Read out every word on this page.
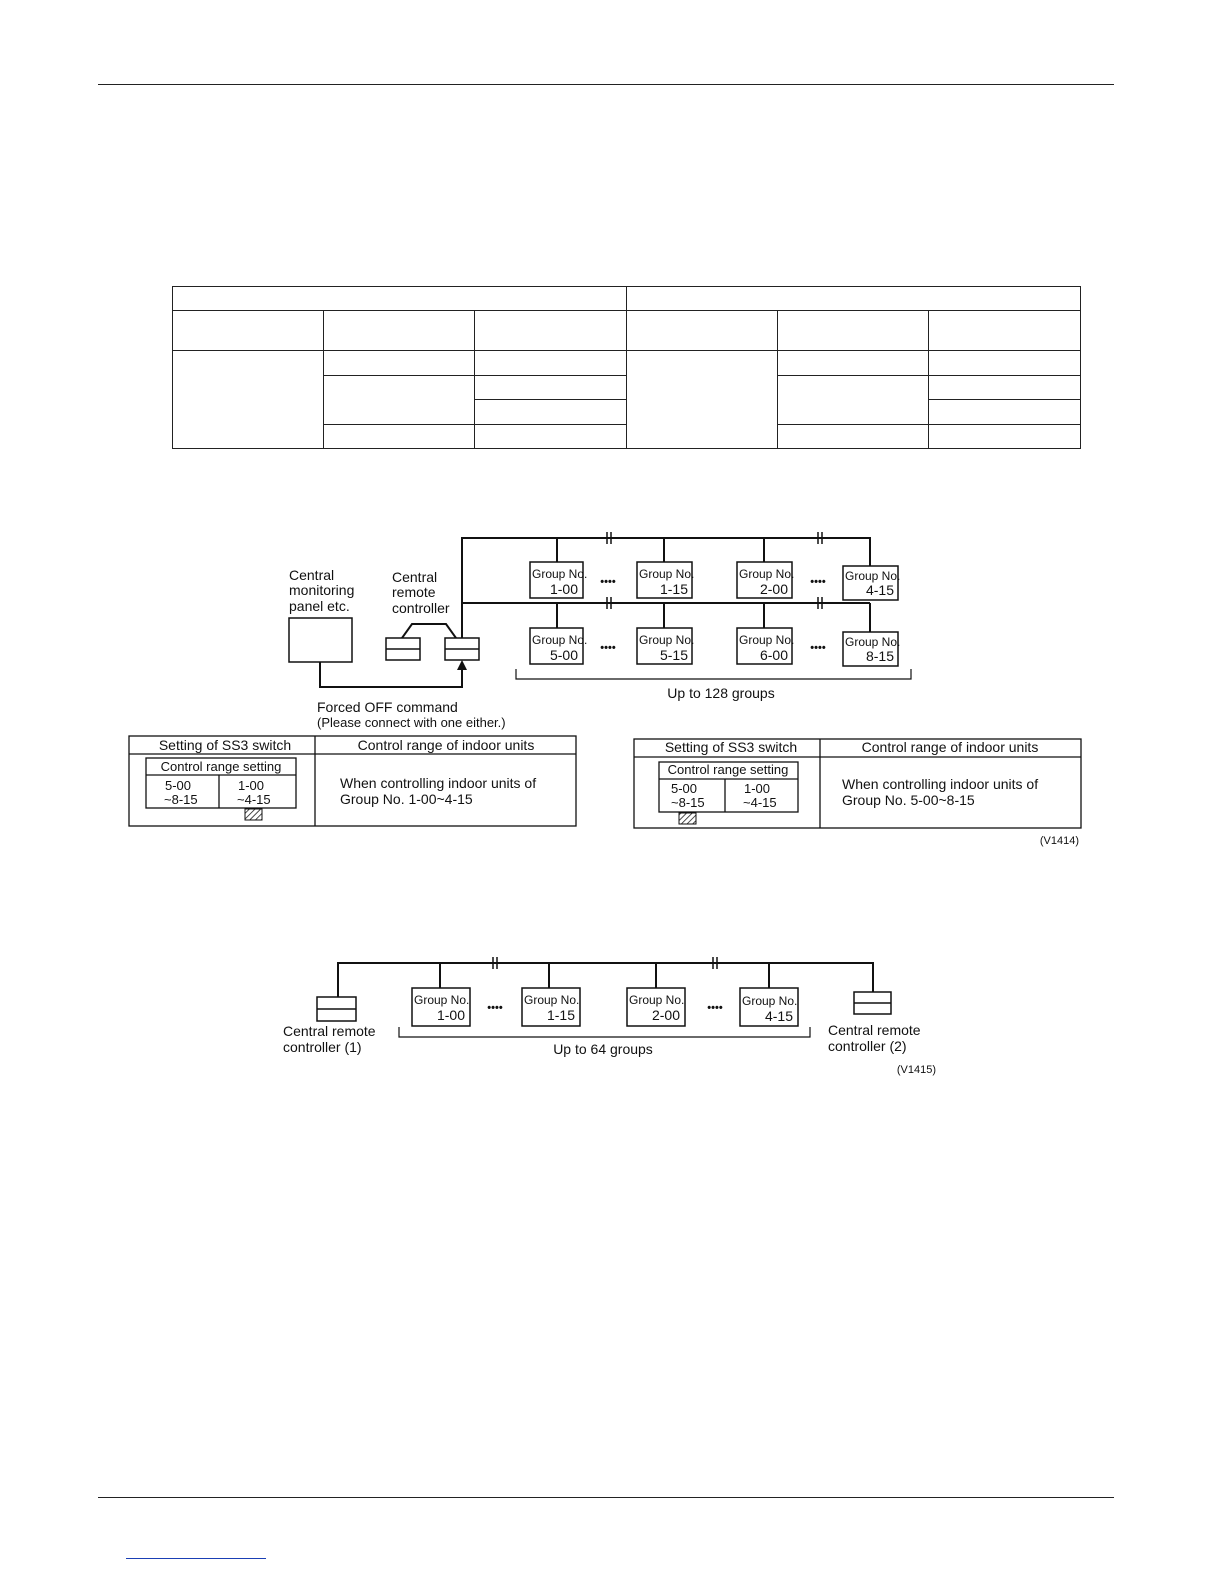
Central monitoring panel etc.
Central remote controller
Group No.
1-00 ••••
Group No.
1-15
Group No.
2-00 •••• Group No.
4-15
Group No.
5-00 ••••
Group No.
5-15
Group No.
6-00 •••• Group No.
8-15
Up to 128 groups
Forced OFF command
(Please connect with one either.)
Setting of SS3 switch	Control range of indoor units
Control range setting
5-00
~8-15
1-00
~4-15
When controlling indoor units of
Group No. 1-00~4-15
Setting of SS3 switch	Control range of indoor units
Control range setting
5-00
~8-15
1-00
~4-15
When controlling indoor units of
Group No. 5-00~8-15
(V1414)
Group No.
1-00 ••••
Group No.
1-15
Group No.
2-00 •••• Group No.
4-15
Up to 64 groups
Central remote controller (1)
Central remote controller (2)
(V1415)
